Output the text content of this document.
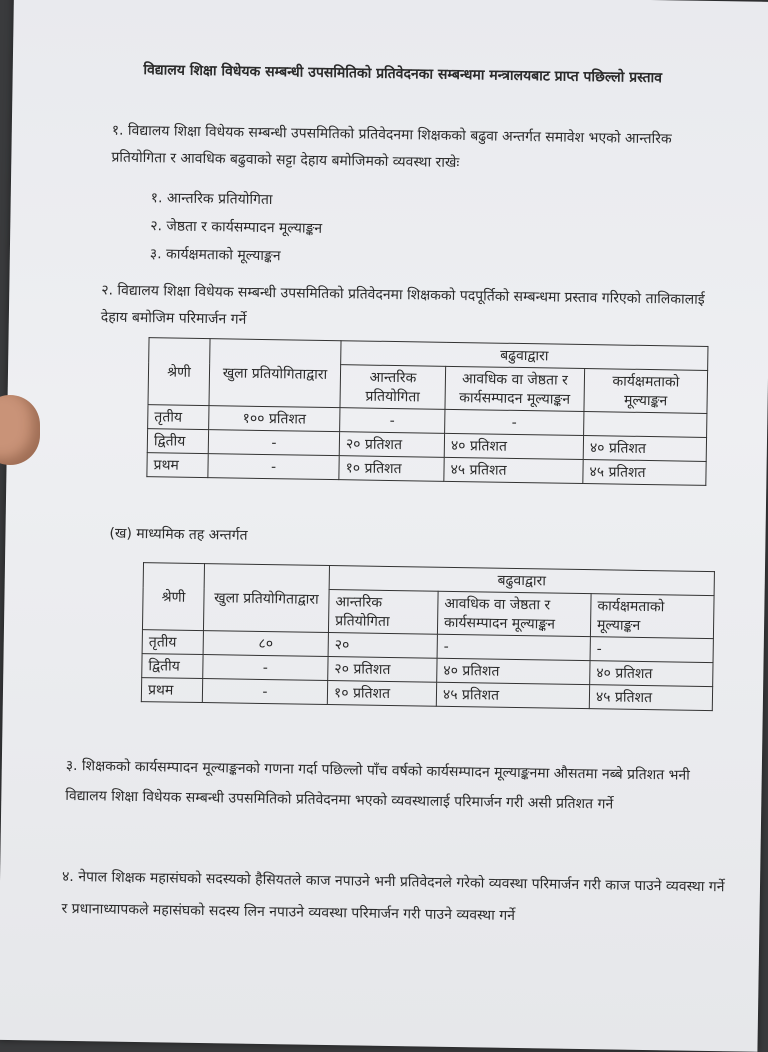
विद्यालय शिक्षा विधेयक सम्बन्धी उपसमितिको प्रतिवेदनका सम्बन्धमा मन्त्रालयबाट प्राप्त पछिल्लो प्रस्ताव
१. विद्यालय शिक्षा विधेयक सम्बन्धी उपसमितिको प्रतिवेदनमा शिक्षकको बढुवा अन्तर्गत समावेश भएको आन्तरिक प्रतियोगिता र आवधिक बढुवाको सट्टा देहाय बमोजिमको व्यवस्था राखेः
१. आन्तरिक प्रतियोगिता
२. जेष्ठता र कार्यसम्पादन मूल्याङ्कन
३. कार्यक्षमताको मूल्याङ्कन
२. विद्यालय शिक्षा विधेयक सम्बन्धी उपसमितिको प्रतिवेदनमा शिक्षकको पदपूर्तिको सम्बन्धमा प्रस्ताव गरिएको तालिकालाई देहाय बमोजिम परिमार्जन गर्ने
श्रेणी	खुला प्रतियोगिताद्वारा	बढुवाद्वारा		
		आन्तरिक प्रतियोगिता	आवधिक वा जेष्ठता र कार्यसम्पादन मूल्याङ्कन	कार्यक्षमताको मूल्याङ्कन
तृतीय	१०० प्रतिशत	-	-	
द्वितीय	-	२० प्रतिशत	४० प्रतिशत	४० प्रतिशत
प्रथम	-	१० प्रतिशत	४५ प्रतिशत	४५ प्रतिशत
(ख) माध्यमिक तह अन्तर्गत
श्रेणी	खुला प्रतियोगिताद्वारा	बढुवाद्वारा		
		आन्तरिक प्रतियोगिता	आवधिक वा जेष्ठता र कार्यसम्पादन मूल्याङ्कन	कार्यक्षमताको मूल्याङ्कन
तृतीय	८०	२०	-	-
द्वितीय	-	२० प्रतिशत	४० प्रतिशत	४० प्रतिशत
प्रथम	-	१० प्रतिशत	४५ प्रतिशत	४५ प्रतिशत
३. शिक्षकको कार्यसम्पादन मूल्याङ्कनको गणना गर्दा पछिल्लो पाँच वर्षको कार्यसम्पादन मूल्याङ्कनमा औसतमा नब्बे प्रतिशत भनी विद्यालय शिक्षा विधेयक सम्बन्धी उपसमितिको प्रतिवेदनमा भएको व्यवस्थालाई परिमार्जन गरी असी प्रतिशत गर्ने
४. नेपाल शिक्षक महासंघको सदस्यको हैसियतले काज नपाउने भनी प्रतिवेदनले गरेको व्यवस्था परिमार्जन गरी काज पाउने व्यवस्था गर्ने र प्रधानाध्यापकले महासंघको सदस्य लिन नपाउने व्यवस्था परिमार्जन गरी पाउने व्यवस्था गर्ने
